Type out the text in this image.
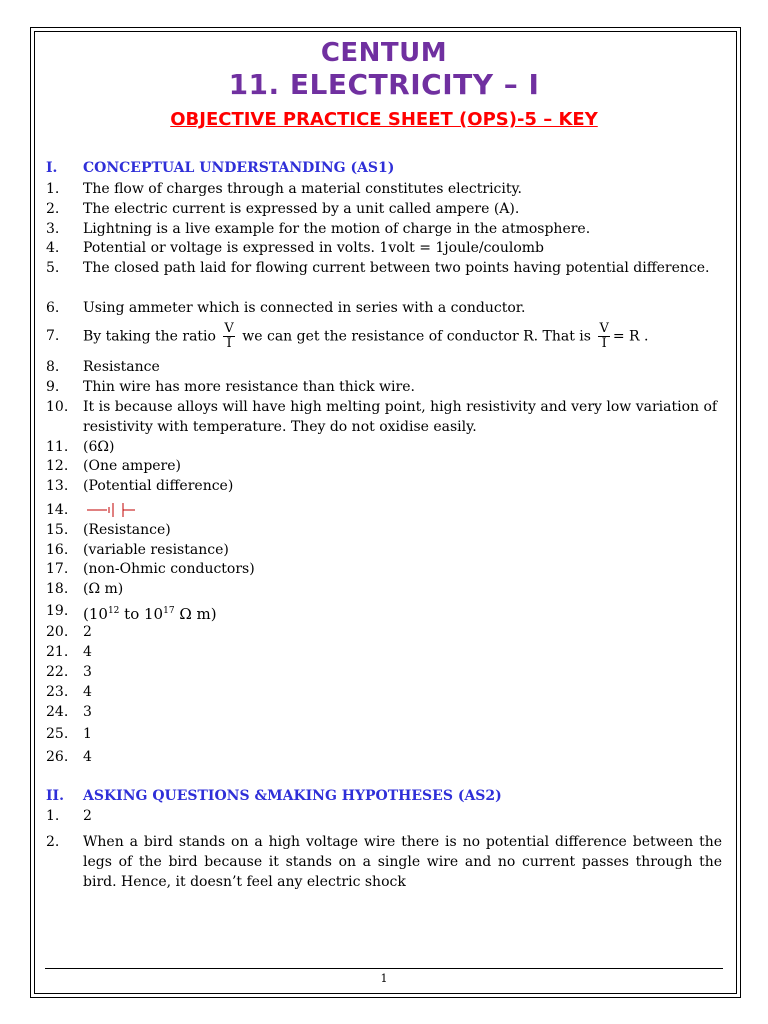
CENTUM
11. ELECTRICITY – I
OBJECTIVE PRACTICE SHEET (OPS)-5 – KEY
I. CONCEPTUAL UNDERSTANDING (AS1)
1. The flow of charges through a material constitutes electricity.
2. The electric current is expressed by a unit called ampere (A).
3. Lightning is a live example for the motion of charge in the atmosphere.
4. Potential or voltage is expressed in volts. 1volt = 1joule/coulomb
5. The closed path laid for flowing current between two points having potential difference.
6. Using ammeter which is connected in series with a conductor.
7. By taking the ratio $\frac{V}{I}$ we can get the resistance of conductor R. That is $\frac{V}{I} = R$ .
8. Resistance
9. Thin wire has more resistance than thick wire.
10. It is because alloys will have high melting point, high resistivity and very low variation of resistivity with temperature. They do not oxidise easily.
11. (6Ω)
12. (One ampere)
13. (Potential difference)
14.
15. (Resistance)
16. (variable resistance)
17. (non-Ohmic conductors)
18. (Ω m)
19. ($10^{12}$ to $10^{17}$ Ω m)
20. 2
21. 4
22. 3
23. 4
24. 3
25. 1
26. 4
II. ASKING QUESTIONS &MAKING HYPOTHESES (AS2)
1. 2
2. When a bird stands on a high voltage wire there is no potential difference between the legs of the bird because it stands on a single wire and no current passes through the bird. Hence, it doesn’t feel any electric shock
1
